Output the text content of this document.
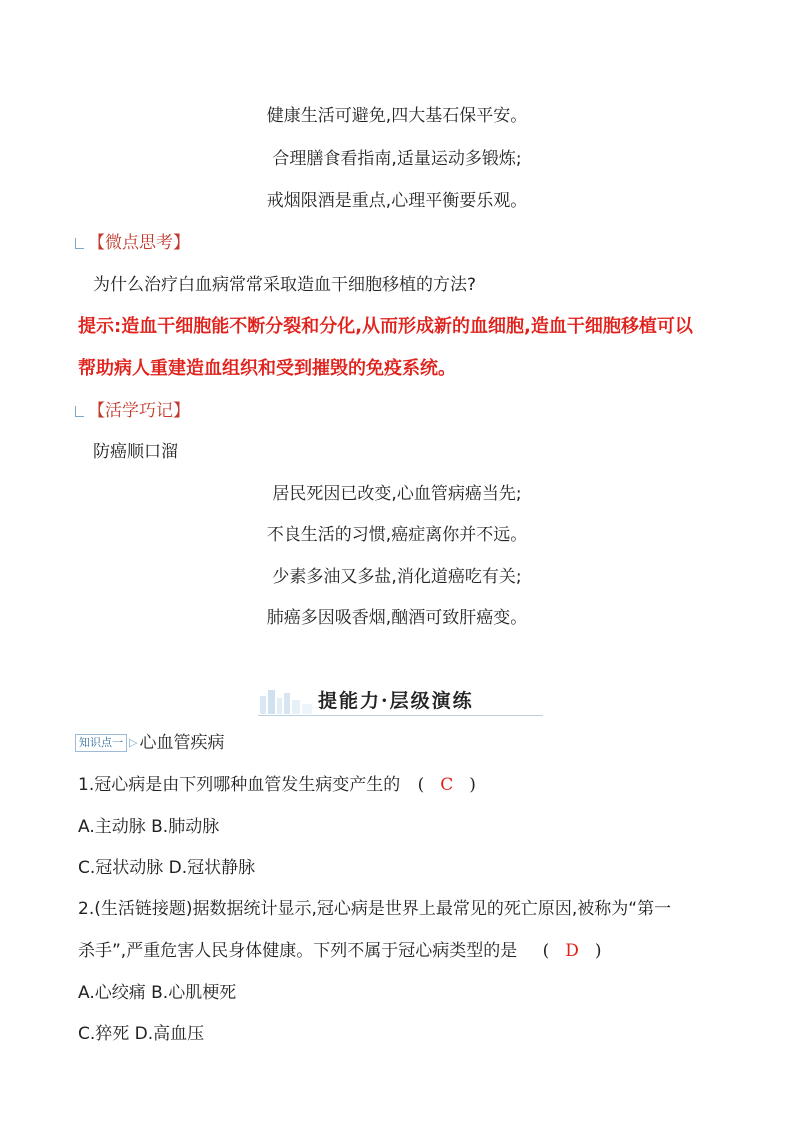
健康生活可避免,四大基石保平安。
合理膳食看指南,适量运动多锻炼;
戒烟限酒是重点,心理平衡要乐观。
【微点思考】
为什么治疗白血病常常采取造血干细胞移植的方法?
提示:造血干细胞能不断分裂和分化,从而形成新的血细胞,造血干细胞移植可以
帮助病人重建造血组织和受到摧毁的免疫系统。
【活学巧记】
防癌顺口溜
居民死因已改变,心血管病癌当先;
不良生活的习惯,癌症离你并不远。
少素多油又多盐,消化道癌吃有关;
肺癌多因吸香烟,酗酒可致肝癌变。
提能力·层级演练
知识点一 ▷ 心血管疾病
1.冠心病是由下列哪种血管发生病变产生的 ( C )
A.主动脉 B.肺动脉
C.冠状动脉 D.冠状静脉
2.(生活链接题)据数据统计显示,冠心病是世界上最常见的死亡原因,被称为“第一
杀手”,严重危害人民身体健康。下列不属于冠心病类型的是 ( D )
A.心绞痛 B.心肌梗死
C.猝死 D.高血压
